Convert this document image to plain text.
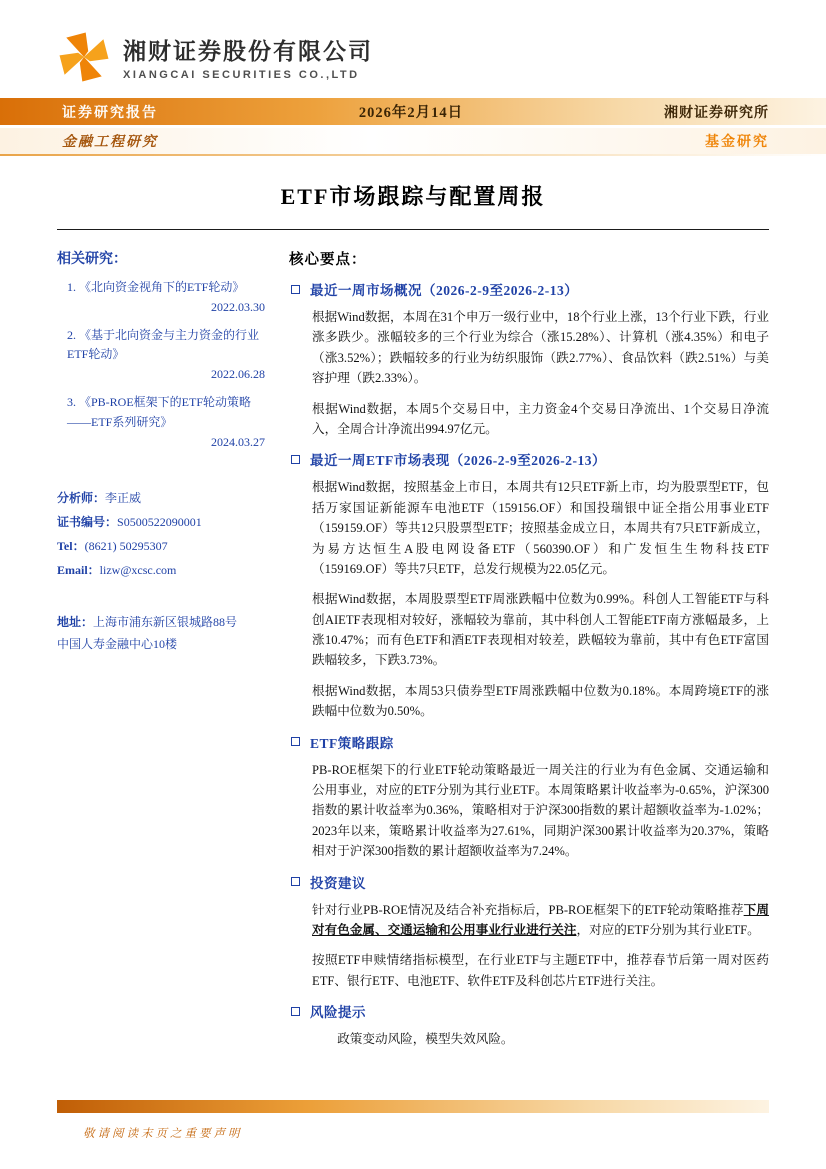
湘财证券股份有限公司
XIANGCAI SECURITIES CO.,LTD
证券研究报告	2026年2月14日	湘财证券研究所
金融工程研究	基金研究
ETF市场跟踪与配置周报
相关研究：
1. 《北向资金视角下的ETF轮动》
2022.03.30
2. 《基于北向资金与主力资金的行业ETF轮动》
2022.06.28
3. 《PB-ROE框架下的ETF轮动策略——ETF系列研究》
2024.03.27
分析师：李正威
证书编号：S0500522090001
Tel：(8621) 50295307
Email：lizw@xcsc.com
地址：上海市浦东新区银城路88号
中国人寿金融中心10楼
核心要点：
最近一周市场概况（2026-2-9至2026-2-13）

根据Wind数据，本周在31个申万一级行业中，18个行业上涨，13个行业下跌，行业涨多跌少。涨幅较多的三个行业为综合（涨15.28%）、计算机（涨4.35%）和电子（涨3.52%）；跌幅较多的行业为纺织服饰（跌2.77%）、食品饮料（跌2.51%）与美容护理（跌2.33%）。

根据Wind数据，本周5个交易日中，主力资金4个交易日净流出、1个交易日净流入，全周合计净流出994.97亿元。

最近一周ETF市场表现（2026-2-9至2026-2-13）

根据Wind数据，按照基金上市日，本周共有12只ETF新上市，均为股票型ETF，包括万家国证新能源车电池ETF（159156.OF）和国投瑞银中证全指公用事业ETF（159159.OF）等共12只股票型ETF；按照基金成立日，本周共有7只ETF新成立，为易方达恒生A股电网设备ETF（560390.OF）和广发恒生生物科技ETF（159169.OF）等共7只ETF，总发行规模为22.05亿元。

根据Wind数据，本周股票型ETF周涨跌幅中位数为0.99%。科创人工智能ETF与科创AIETF表现相对较好，涨幅较为靠前，其中科创人工智能ETF南方涨幅最多，上涨10.47%；而有色ETF和酒ETF表现相对较差，跌幅较为靠前，其中有色ETF富国跌幅较多，下跌3.73%。

根据Wind数据，本周53只债券型ETF周涨跌幅中位数为0.18%。本周跨境ETF的涨跌幅中位数为0.50%。

ETF策略跟踪

PB-ROE框架下的行业ETF轮动策略最近一周关注的行业为有色金属、交通运输和公用事业，对应的ETF分别为其行业ETF。本周策略累计收益率为-0.65%，沪深300指数的累计收益率为0.36%，策略相对于沪深300指数的累计超额收益率为-1.02%；2023年以来，策略累计收益率为27.61%，同期沪深300累计收益率为20.37%，策略相对于沪深300指数的累计超额收益率为7.24%。

投资建议

针对行业PB-ROE情况及结合补充指标后，PB-ROE框架下的ETF轮动策略推荐下周对有色金属、交通运输和公用事业行业进行关注，对应的ETF分别为其行业ETF。

按照ETF申赎情绪指标模型，在行业ETF与主题ETF中，推荐春节后第一周对医药ETF、银行ETF、电池ETF、软件ETF及科创芯片ETF进行关注。

风险提示

政策变动风险，模型失效风险。

敬请阅读末页之重要声明
